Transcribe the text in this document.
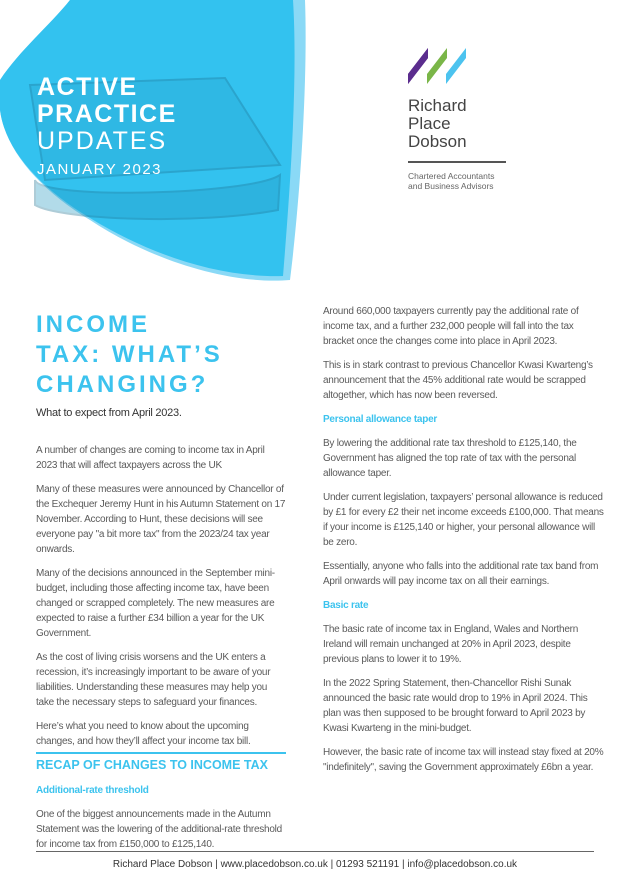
ACTIVE
PRACTICE
UPDATES
JANUARY 2023
Richard
Place
Dobson
Chartered Accountants
and Business Advisors
INCOME
TAX: WHAT’S
CHANGING?
What to expect from April 2023.

A number of changes are coming to income tax in April 2023 that will affect taxpayers across the UK

Many of these measures were announced by Chancellor of the Exchequer Jeremy Hunt in his Autumn Statement on 17 November. According to Hunt, these decisions will see everyone pay "a bit more tax" from the 2023/24 tax year onwards.

Many of the decisions announced in the September mini-budget, including those affecting income tax, have been changed or scrapped completely. The new measures are expected to raise a further £34 billion a year for the UK Government.

As the cost of living crisis worsens and the UK enters a recession, it’s increasingly important to be aware of your liabilities. Understanding these measures may help you take the necessary steps to safeguard your finances.

Here’s what you need to know about the upcoming changes, and how they’ll affect your income tax bill.

RECAP OF CHANGES TO INCOME TAX
Additional-rate threshold

One of the biggest announcements made in the Autumn Statement was the lowering of the additional-rate threshold for income tax from £150,000 to £125,140.

Around 660,000 taxpayers currently pay the additional rate of income tax, and a further 232,000 people will fall into the tax bracket once the changes come into place in April 2023.

This is in stark contrast to previous Chancellor Kwasi Kwarteng’s announcement that the 45% additional rate would be scrapped altogether, which has now been reversed.

Personal allowance taper

By lowering the additional rate tax threshold to £125,140, the Government has aligned the top rate of tax with the personal allowance taper.

Under current legislation, taxpayers’ personal allowance is reduced by £1 for every £2 their net income exceeds £100,000. That means if your income is £125,140 or higher, your personal allowance will be zero.

Essentially, anyone who falls into the additional rate tax band from April onwards will pay income tax on all their earnings.

Basic rate

The basic rate of income tax in England, Wales and Northern Ireland will remain unchanged at 20% in April 2023, despite previous plans to lower it to 19%.

In the 2022 Spring Statement, then-Chancellor Rishi Sunak announced the basic rate would drop to 19% in April 2024. This plan was then supposed to be brought forward to April 2023 by Kwasi Kwarteng in the mini-budget.

However, the basic rate of income tax will instead stay fixed at 20% "indefinitely", saving the Government approximately £6bn a year.

Richard Place Dobson | www.placedobson.co.uk | 01293 521191 | info@placedobson.co.uk
